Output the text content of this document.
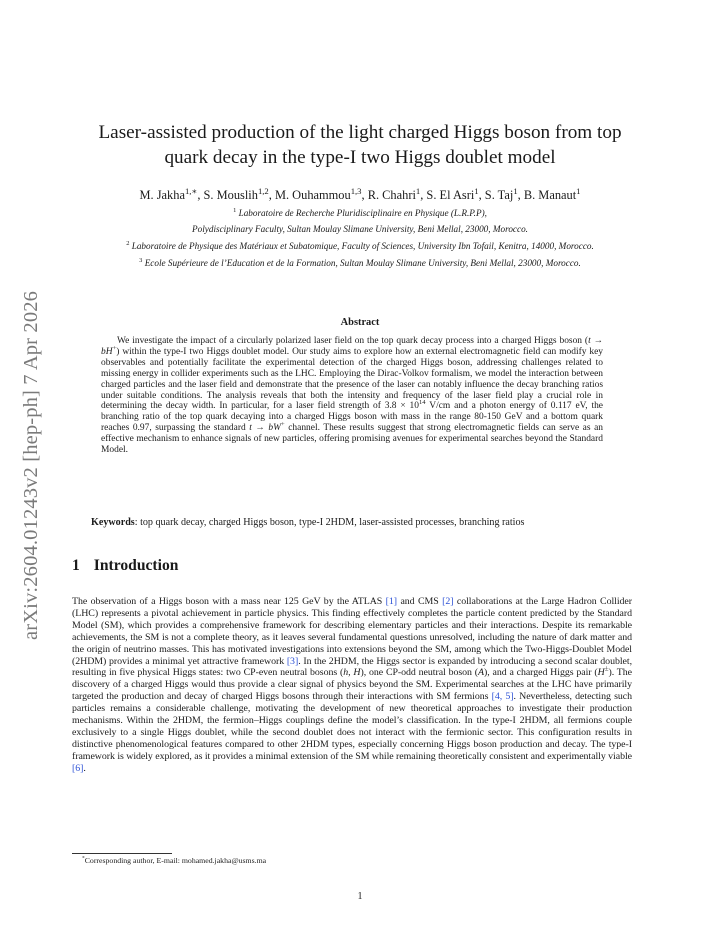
arXiv:2604.01243v2 [hep-ph] 7 Apr 2026
Laser-assisted production of the light charged Higgs boson from top
quark decay in the type-I two Higgs doublet model
M. Jakha$^{1,∗}$, S. Mouslih$^{1,2}$, M. Ouhammou$^{1,3}$, R. Chahri$^1$, S. El Asri$^1$, S. Taj$^1$, B. Manaut$^1$
$^1$ Laboratoire de Recherche Pluridisciplinaire en Physique (L.R.P.P),
Polydisciplinary Faculty, Sultan Moulay Slimane University, Beni Mellal, 23000, Morocco.
$^2$ Laboratoire de Physique des Matériaux et Subatomique, Faculty of Sciences, University Ibn Tofail, Kenitra, 14000, Morocco.
$^3$ Ecole Supérieure de l’Education et de la Formation, Sultan Moulay Slimane University, Beni Mellal, 23000, Morocco.
Abstract
We investigate the impact of a circularly polarized laser field on the top quark decay process into a charged Higgs boson (t → bH+) within the type-I two Higgs doublet model. Our study aims to explore how an external electromagnetic field can modify key observables and potentially facilitate the experimental detection of the charged Higgs boson, addressing challenges related to missing energy in collider experiments such as the LHC. Employing the Dirac-Volkov formalism, we model the interaction between charged particles and the laser field and demonstrate that the presence of the laser can notably influence the decay branching ratios under suitable conditions. The analysis reveals that both the intensity and frequency of the laser field play a crucial role in determining the decay width. In particular, for a laser field strength of $3.8 \times 10^{14}$ V/cm and a photon energy of 0.117 eV, the branching ratio of the top quark decaying into a charged Higgs boson with mass in the range 80-150 GeV and a bottom quark reaches 0.97, surpassing the standard t → bW+ channel. These results suggest that strong electromagnetic fields can serve as an effective mechanism to enhance signals of new particles, offering promising avenues for experimental searches beyond the Standard Model.
Keywords: top quark decay, charged Higgs boson, type-I 2HDM, laser-assisted processes, branching ratios
1 Introduction
The observation of a Higgs boson with a mass near 125 GeV by the ATLAS [1] and CMS [2] collaborations at the Large Hadron Collider (LHC) represents a pivotal achievement in particle physics. This finding effectively completes the particle content predicted by the Standard Model (SM), which provides a comprehensive framework for describing elementary particles and their interactions. Despite its remarkable achievements, the SM is not a complete theory, as it leaves several fundamental questions unresolved, including the nature of dark matter and the origin of neutrino masses. This has motivated investigations into extensions beyond the SM, among which the Two-Higgs-Doublet Model (2HDM) provides a minimal yet attractive framework [3]. In the 2HDM, the Higgs sector is expanded by introducing a second scalar doublet, resulting in five physical Higgs states: two CP-even neutral bosons (h, H), one CP-odd neutral boson (A), and a charged Higgs pair (H±). The discovery of a charged Higgs would thus provide a clear signal of physics beyond the SM. Experimental searches at the LHC have primarily targeted the production and decay of charged Higgs bosons through their interactions with SM fermions [4, 5]. Nevertheless, detecting such particles remains a considerable challenge, motivating the development of new theoretical approaches to investigate their production mechanisms. Within the 2HDM, the fermion–Higgs couplings define the model’s classification. In the type-I 2HDM, all fermions couple exclusively to a single Higgs doublet, while the second doublet does not interact with the fermionic sector. This configuration results in distinctive phenomenological features compared to other 2HDM types, especially concerning Higgs boson production and decay. The type-I framework is widely explored, as it provides a minimal extension of the SM while remaining theoretically consistent and experimentally viable [6].
*Corresponding author, E-mail: mohamed.jakha@usms.ma
1
